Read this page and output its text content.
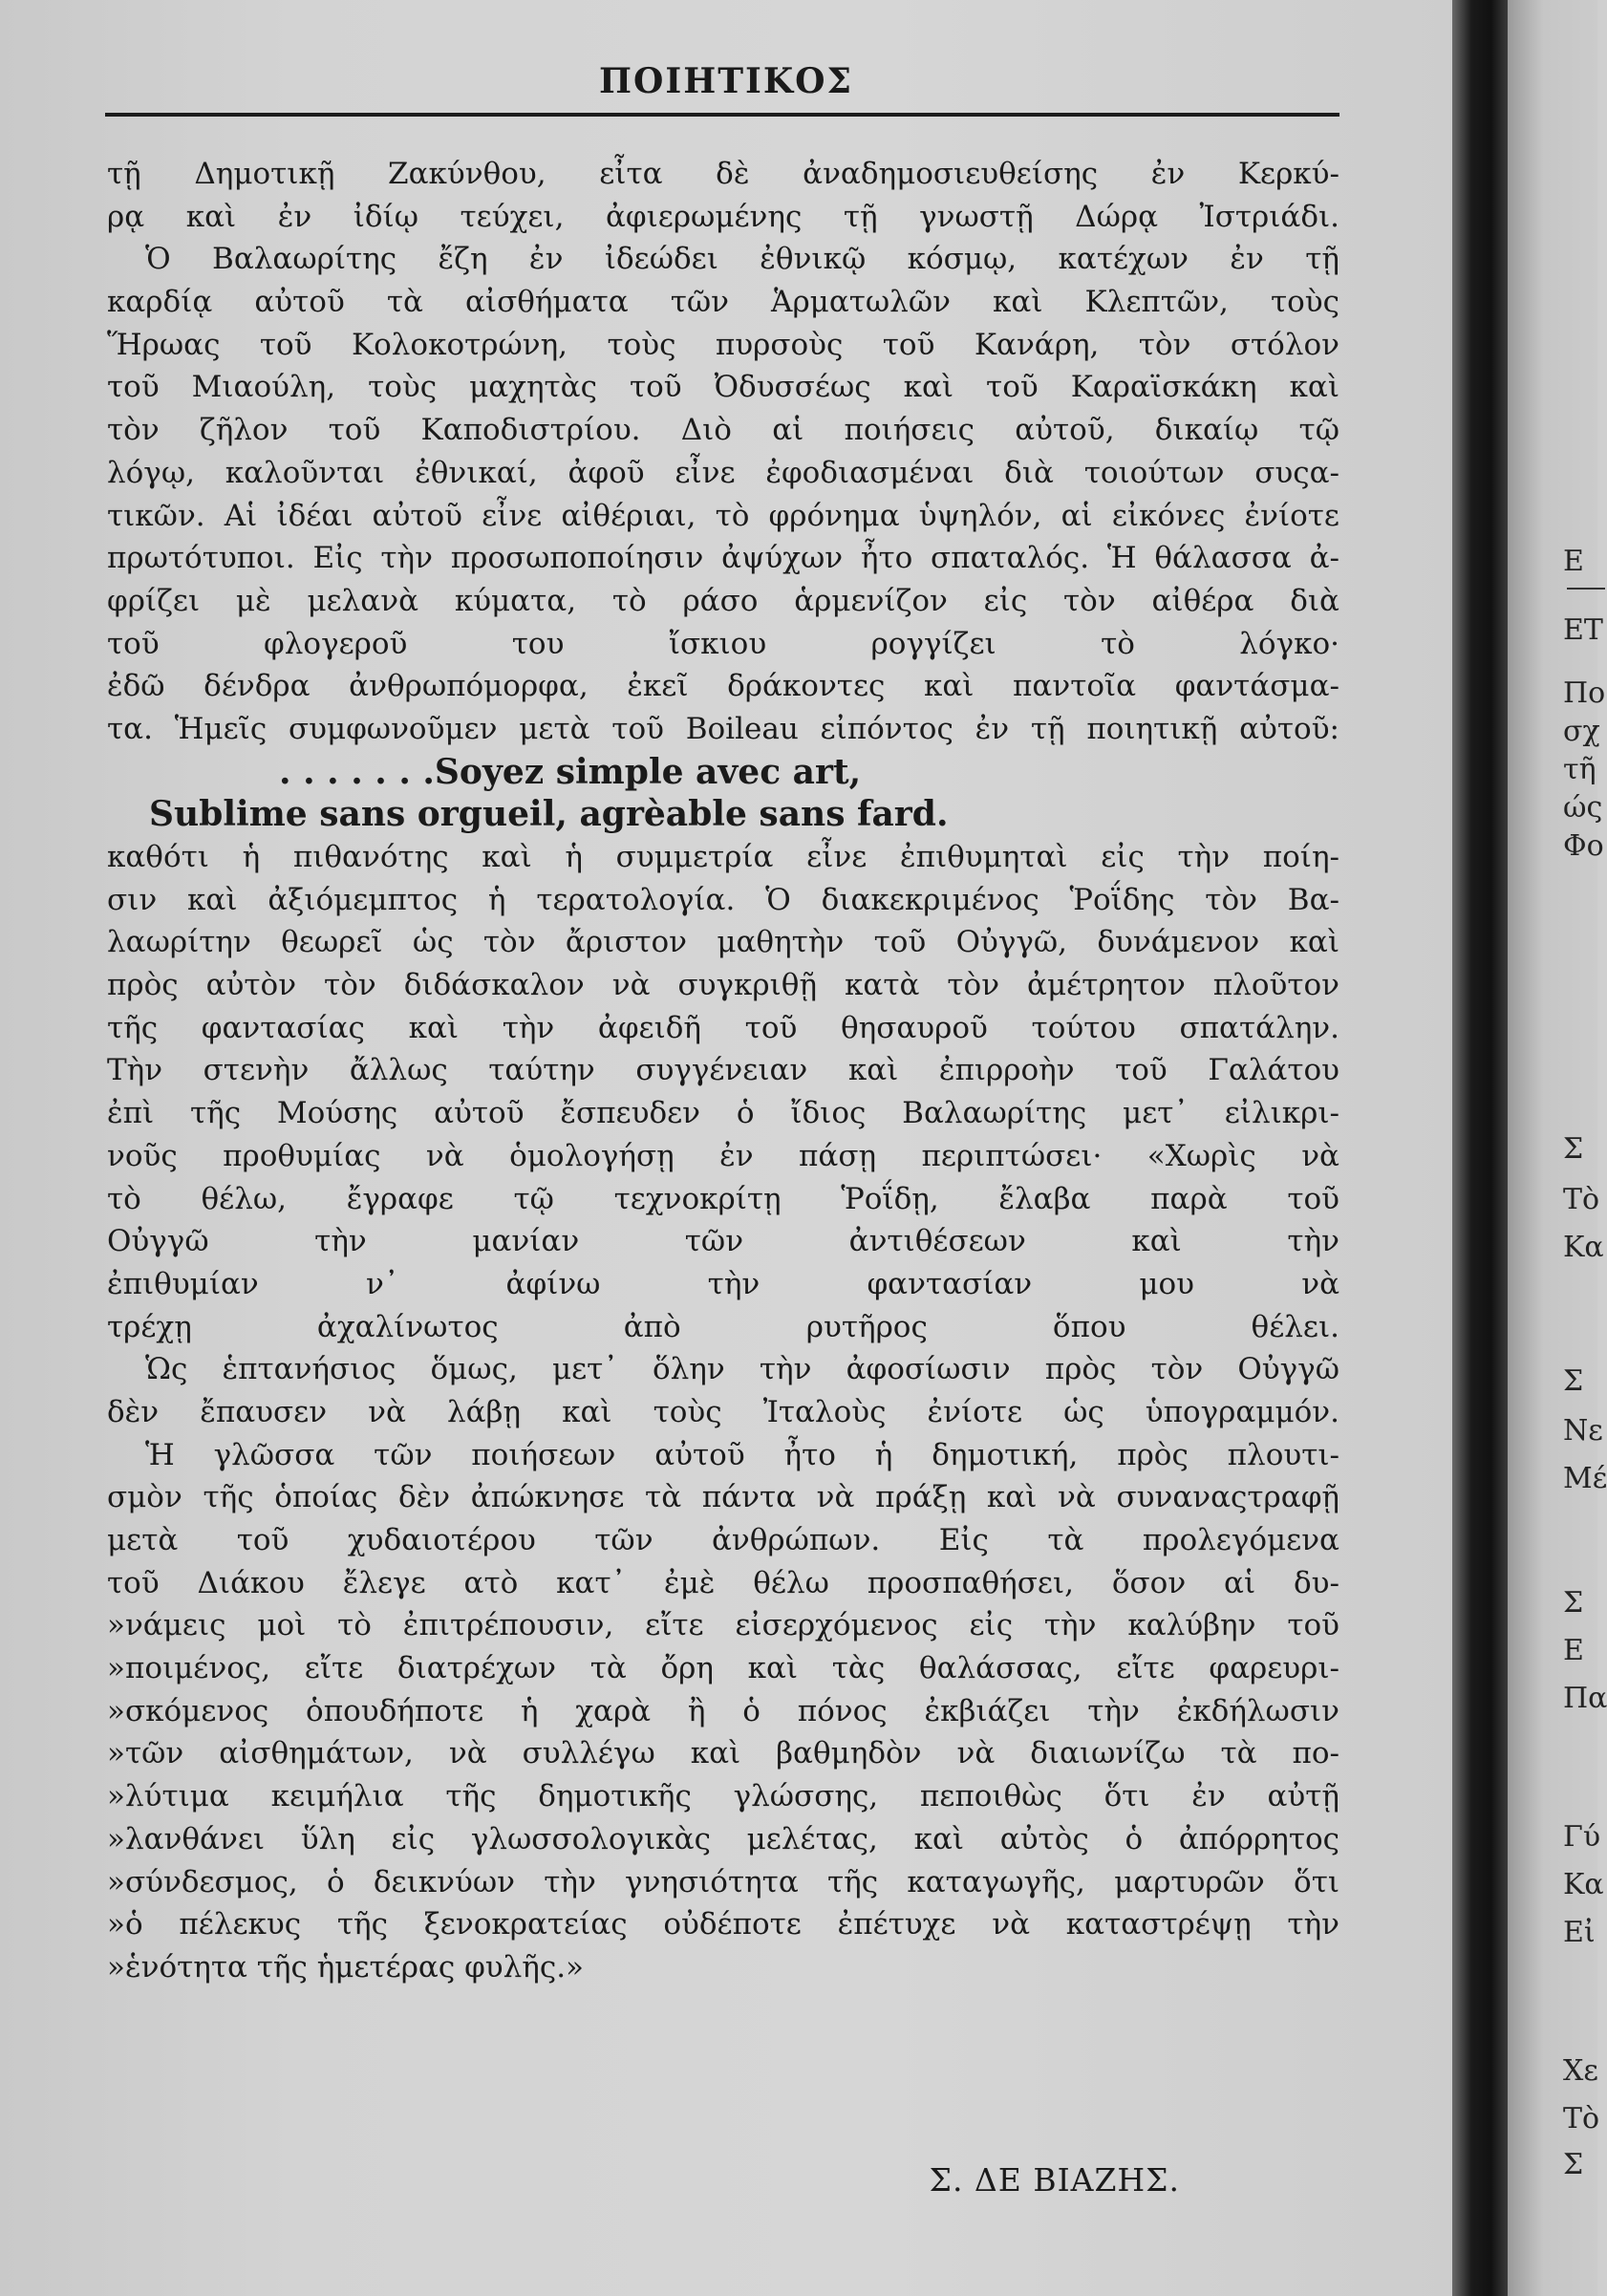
ΠΟΙΗΤΙΚΟΣ
τῇ Δημοτικῇ Ζακύνθου, εἶτα δὲ ἀναδημοσιευθείσης ἐν Κερκύ-
ρᾳ καὶ ἐν ἰδίῳ τεύχει, ἀφιερωμένης τῇ γνωστῇ Δώρᾳ Ἰστριάδι.
Ὁ Βαλαωρίτης ἔζη ἐν ἰδεώδει ἐθνικῷ κόσμῳ, κατέχων ἐν τῇ
καρδίᾳ αὐτοῦ τὰ αἰσθήματα τῶν Ἁρματωλῶν καὶ Κλεπτῶν, τοὺς
Ἥρωας τοῦ Κολοκοτρώνη, τοὺς πυρσοὺς τοῦ Κανάρη, τὸν στόλον
τοῦ Μιαούλη, τοὺς μαχητὰς τοῦ Ὀδυσσέως καὶ τοῦ Καραϊσκάκη καὶ
τὸν ζῆλον τοῦ Καποδιστρίου. Διὸ αἱ ποιήσεις αὐτοῦ, δικαίῳ τῷ
λόγῳ, καλοῦνται ἐθνικαί, ἀφοῦ εἶνε ἐφοδιασμέναι διὰ τοιούτων συςα-
τικῶν. Αἱ ἰδέαι αὐτοῦ εἶνε αἰθέριαι, τὸ φρόνημα ὑψηλόν, αἱ εἰκόνες ἐνίοτε
πρωτότυποι. Εἰς τὴν προσωποποίησιν ἀψύχων ἦτο σπαταλός. Ἡ θάλασσα ἀ-
φρίζει μὲ μελανὰ κύματα, τὸ ράσο ἁρμενίζον εἰς τὸν αἰθέρα διὰ
τοῦ φλογεροῦ του ἴσκιου ρογγίζει τὸ λόγκο·
ἐδῶ δένδρα ἀνθρωπόμορφα, ἐκεῖ δράκοντες καὶ παντοῖα φαντάσμα-
τα. Ἡμεῖς συμφωνοῦμεν μετὰ τοῦ Boileau εἰπόντος ἐν τῇ ποιητικῇ αὐτοῦ:
. . . . . . .Soyez simple avec art,
Sublime sans orgueil, agrèable sans fard.
καθότι ἡ πιθανότης καὶ ἡ συμμετρία εἶνε ἐπιθυμηταὶ εἰς τὴν ποίη-
σιν καὶ ἀξιόμεμπτος ἡ τερατολογία. Ὁ διακεκριμένος Ῥοΐδης τὸν Βα-
λαωρίτην θεωρεῖ ὡς τὸν ἄριστον μαθητὴν τοῦ Οὐγγῶ, δυνάμενον καὶ
πρὸς αὐτὸν τὸν διδάσκαλον νὰ συγκριθῇ κατὰ τὸν ἀμέτρητον πλοῦτον
τῆς φαντασίας καὶ τὴν ἀφειδῆ τοῦ θησαυροῦ τούτου σπατάλην.
Τὴν στενὴν ἄλλως ταύτην συγγένειαν καὶ ἐπιρροὴν τοῦ Γαλάτου
ἐπὶ τῆς Μούσης αὐτοῦ ἔσπευδεν ὁ ἴδιος Βαλαωρίτης μετ᾽ εἰλικρι-
νοῦς προθυμίας νὰ ὁμολογήσῃ ἐν πάσῃ περιπτώσει· «Χωρὶς νὰ
τὸ θέλω, ἔγραφε τῷ τεχνοκρίτῃ Ῥοΐδῃ, ἔλαβα παρὰ τοῦ
Οὐγγῶ τὴν μανίαν τῶν ἀντιθέσεων καὶ τὴν
ἐπιθυμίαν ν᾽ ἀφίνω τὴν φαντασίαν μου νὰ
τρέχῃ ἀχαλίνωτος ἀπὸ ρυτῆρος ὅπου θέλει.
Ὡς ἑπτανήσιος ὅμως, μετ᾽ ὅλην τὴν ἀφοσίωσιν πρὸς τὸν Οὐγγῶ
δὲν ἔπαυσεν νὰ λάβῃ καὶ τοὺς Ἰταλοὺς ἐνίοτε ὡς ὑπογραμμόν.
Ἡ γλῶσσα τῶν ποιήσεων αὐτοῦ ἦτο ἡ δημοτική, πρὸς πλουτι-
σμὸν τῆς ὁποίας δὲν ἀπώκνησε τὰ πάντα νὰ πράξῃ καὶ νὰ συναναςτραφῇ
μετὰ τοῦ χυδαιοτέρου τῶν ἀνθρώπων. Εἰς τὰ προλεγόμενα
τοῦ Διάκου ἔλεγε ατὸ κατ᾽ ἐμὲ θέλω προσπαθήσει, ὅσον αἱ δυ-
»νάμεις μοὶ τὸ ἐπιτρέπουσιν, εἴτε εἰσερχόμενος εἰς τὴν καλύβην τοῦ
»ποιμένος, εἴτε διατρέχων τὰ ὄρη καὶ τὰς θαλάσσας, εἴτε φαρευρι-
»σκόμενος ὁπουδήποτε ἡ χαρὰ ἢ ὁ πόνος ἐκβιάζει τὴν ἐκδήλωσιν
»τῶν αἰσθημάτων, νὰ συλλέγω καὶ βαθμηδὸν νὰ διαιωνίζω τὰ πο-
»λύτιμα κειμήλια τῆς δημοτικῆς γλώσσης, πεποιθὼς ὅτι ἐν αὐτῇ
»λανθάνει ὕλη εἰς γλωσσολογικὰς μελέτας, καὶ αὐτὸς ὁ ἀπόρρητος
»σύνδεσμος, ὁ δεικνύων τὴν γνησιότητα τῆς καταγωγῆς, μαρτυρῶν ὅτι
»ὁ πέλεκυς τῆς ξενοκρατείας οὐδέποτε ἐπέτυχε νὰ καταστρέψῃ τὴν
»ἑνότητα τῆς ἡμετέρας φυλῆς.»
Σ. ΔΕ ΒΙΑΖΗΣ.
Ε
ΕΤ
Πο
σχ
τῆ
ώς
Φο
Σ
Τὸ
Κα
Σ
Νε
Μέ
Σ
Ε
Πα
Γύ
Κα
Εἰ
Χε
Τὸ
Σ
